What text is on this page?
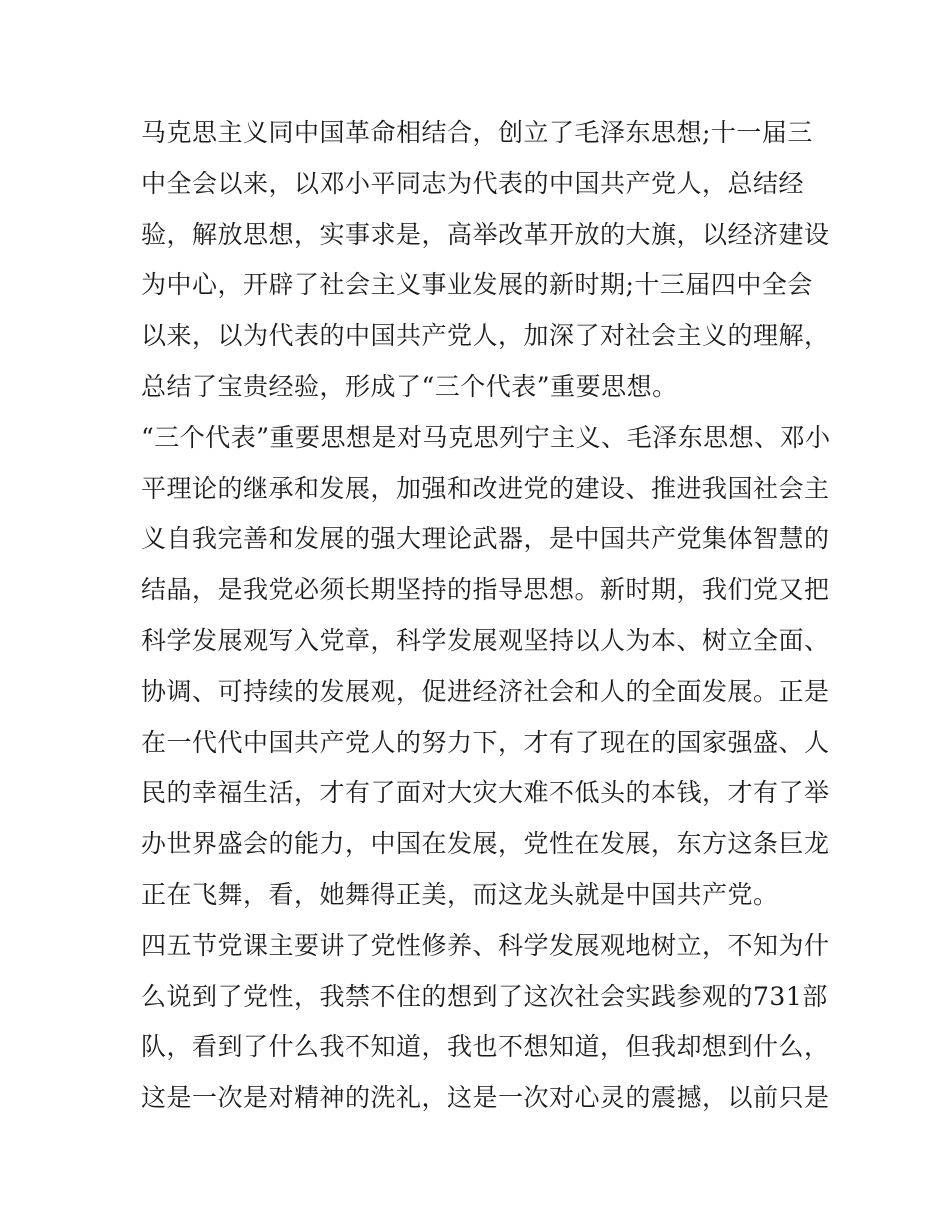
马克思主义同中国革命相结合，创立了毛泽东思想;十一届三
中全会以来，以邓小平同志为代表的中国共产党人，总结经
验，解放思想，实事求是，高举改革开放的大旗，以经济建设
为中心，开辟了社会主义事业发展的新时期;十三届四中全会
以来，以为代表的中国共产党人，加深了对社会主义的理解，
总结了宝贵经验，形成了“三个代表”重要思想。
“三个代表”重要思想是对马克思列宁主义、毛泽东思想、邓小
平理论的继承和发展，加强和改进党的建设、推进我国社会主
义自我完善和发展的强大理论武器，是中国共产党集体智慧的
结晶，是我党必须长期坚持的指导思想。新时期，我们党又把
科学发展观写入党章，科学发展观坚持以人为本、树立全面、
协调、可持续的发展观，促进经济社会和人的全面发展。正是
在一代代中国共产党人的努力下，才有了现在的国家强盛、人
民的幸福生活，才有了面对大灾大难不低头的本钱，才有了举
办世界盛会的能力，中国在发展，党性在发展，东方这条巨龙
正在飞舞，看，她舞得正美，而这龙头就是中国共产党。
四五节党课主要讲了党性修养、科学发展观地树立，不知为什
么说到了党性，我禁不住的想到了这次社会实践参观的731部
队，看到了什么我不知道，我也不想知道，但我却想到什么，
这是一次是对精神的洗礼，这是一次对心灵的震撼，以前只是
